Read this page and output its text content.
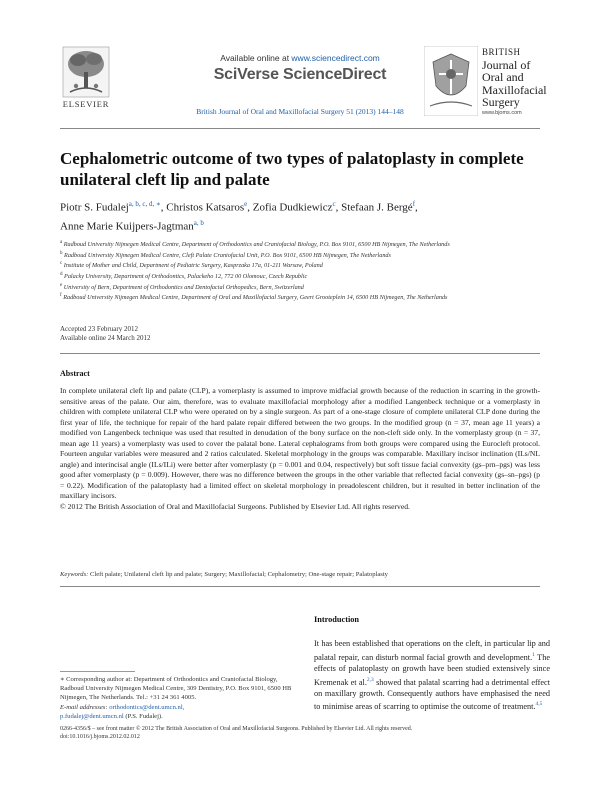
ELSEVIER
Available online at www.sciencedirect.com
SciVerse ScienceDirect
British Journal of Oral and Maxillofacial Surgery 51 (2013) 144–148
BRITISH
Journal of
Oral and
Maxillofacial
Surgery
www.bjoms.com
Cephalometric outcome of two types of palatoplasty in complete unilateral cleft lip and palate
Piotr S. Fudalej$^{a, b, c, d, ∗}$, Christos Katsaros$^e$, Zofia Dudkiewicz$^c$, Stefaan J. Bergé$^f$,
Anne Marie Kuijpers-Jagtman$^{a, b}$
$^a$ Radboud University Nijmegen Medical Centre, Department of Orthodontics and Craniofacial Biology, P.O. Box 9101, 6500 HB Nijmegen, The Netherlands
$^b$ Radboud University Nijmegen Medical Centre, Cleft Palate Craniofacial Unit, P.O. Box 9101, 6500 HB Nijmegen, The Netherlands
$^c$ Institute of Mother and Child, Department of Pediatric Surgery, Kasprzaka 17a, 01-211 Warsaw, Poland
$^d$ Palacky University, Department of Orthodontics, Palackeho 12, 772 00 Olomouc, Czech Republic
$^e$ University of Bern, Department of Orthodontics and Dentofacial Orthopedics, Bern, Switzerland
$^f$ Radboud University Nijmegen Medical Centre, Department of Oral and Maxillofacial Surgery, Geert Grooteplein 14, 6500 HB Nijmegen, The Netherlands
Accepted 23 February 2012
Available online 24 March 2012
Abstract
In complete unilateral cleft lip and palate (CLP), a vomerplasty is assumed to improve midfacial growth because of the reduction in scarring in the growth-sensitive areas of the palate. Our aim, therefore, was to evaluate maxillofacial morphology after a modified Langenbeck technique or a vomerplasty in children with complete unilateral CLP who were operated on by a single surgeon. As part of a one-stage closure of complete unilateral CLP done during the first year of life, the technique for repair of the hard palate repair differed between the two groups. In the modified group (n = 37, mean age 11 years) a modified von Langenbeck technique was used that resulted in denudation of the bony surface on the non-cleft side only. In the vomerplasty group (n = 37, mean age 11 years) a vomerplasty was used to cover the palatal bone. Lateral cephalograms from both groups were compared using the Eurocleft protocol. Fourteen angular variables were measured and 2 ratios calculated. Skeletal morphology in the groups was comparable. Maxillary incisor inclination (ILs/NL angle) and interincisal angle (ILs/ILi) were better after vomerplasty (p = 0.001 and 0.04, respectively) but soft tissue facial convexity (gs–prn–pgs) was less good after vomerplasty (p = 0.009). However, there was no difference between the groups in the other variable that reflected facial convexity (gs–sn–pgs) (p = 0.22). Modification of the palatoplasty had a limited effect on skeletal morphology in preadolescent children, but it resulted in better inclination of the maxillary incisors.
© 2012 The British Association of Oral and Maxillofacial Surgeons. Published by Elsevier Ltd. All rights reserved.
Keywords: Cleft palate; Unilateral cleft lip and palate; Surgery; Maxillofacial; Cephalometry; One-stage repair; Palatoplasty
Introduction
It has been established that operations on the cleft, in particular lip and palatal repair, can disturb normal facial growth and development.$^1$ The effects of palatoplasty on growth have been studied extensively since Kremenak et al.$^{2,3}$ showed that palatal scarring had a detrimental effect on maxillary growth. Consequently authors have emphasised the need to minimise areas of scarring to optimise the outcome of treatment.$^{4,5}$
∗ Corresponding author at: Department of Orthodontics and Craniofacial Biology, Radboud University Nijmegen Medical Centre, 309 Dentistry, P.O. Box 9101, 6500 HB Nijmegen, The Netherlands. Tel.: +31 24 361 4005.
E-mail addresses: orthodontics@dent.umcn.nl,
p.fudalej@dent.umcn.nl (P.S. Fudalej).
0266-4356/$ – see front matter © 2012 The British Association of Oral and Maxillofacial Surgeons. Published by Elsevier Ltd. All rights reserved.
doi:10.1016/j.bjoms.2012.02.012
